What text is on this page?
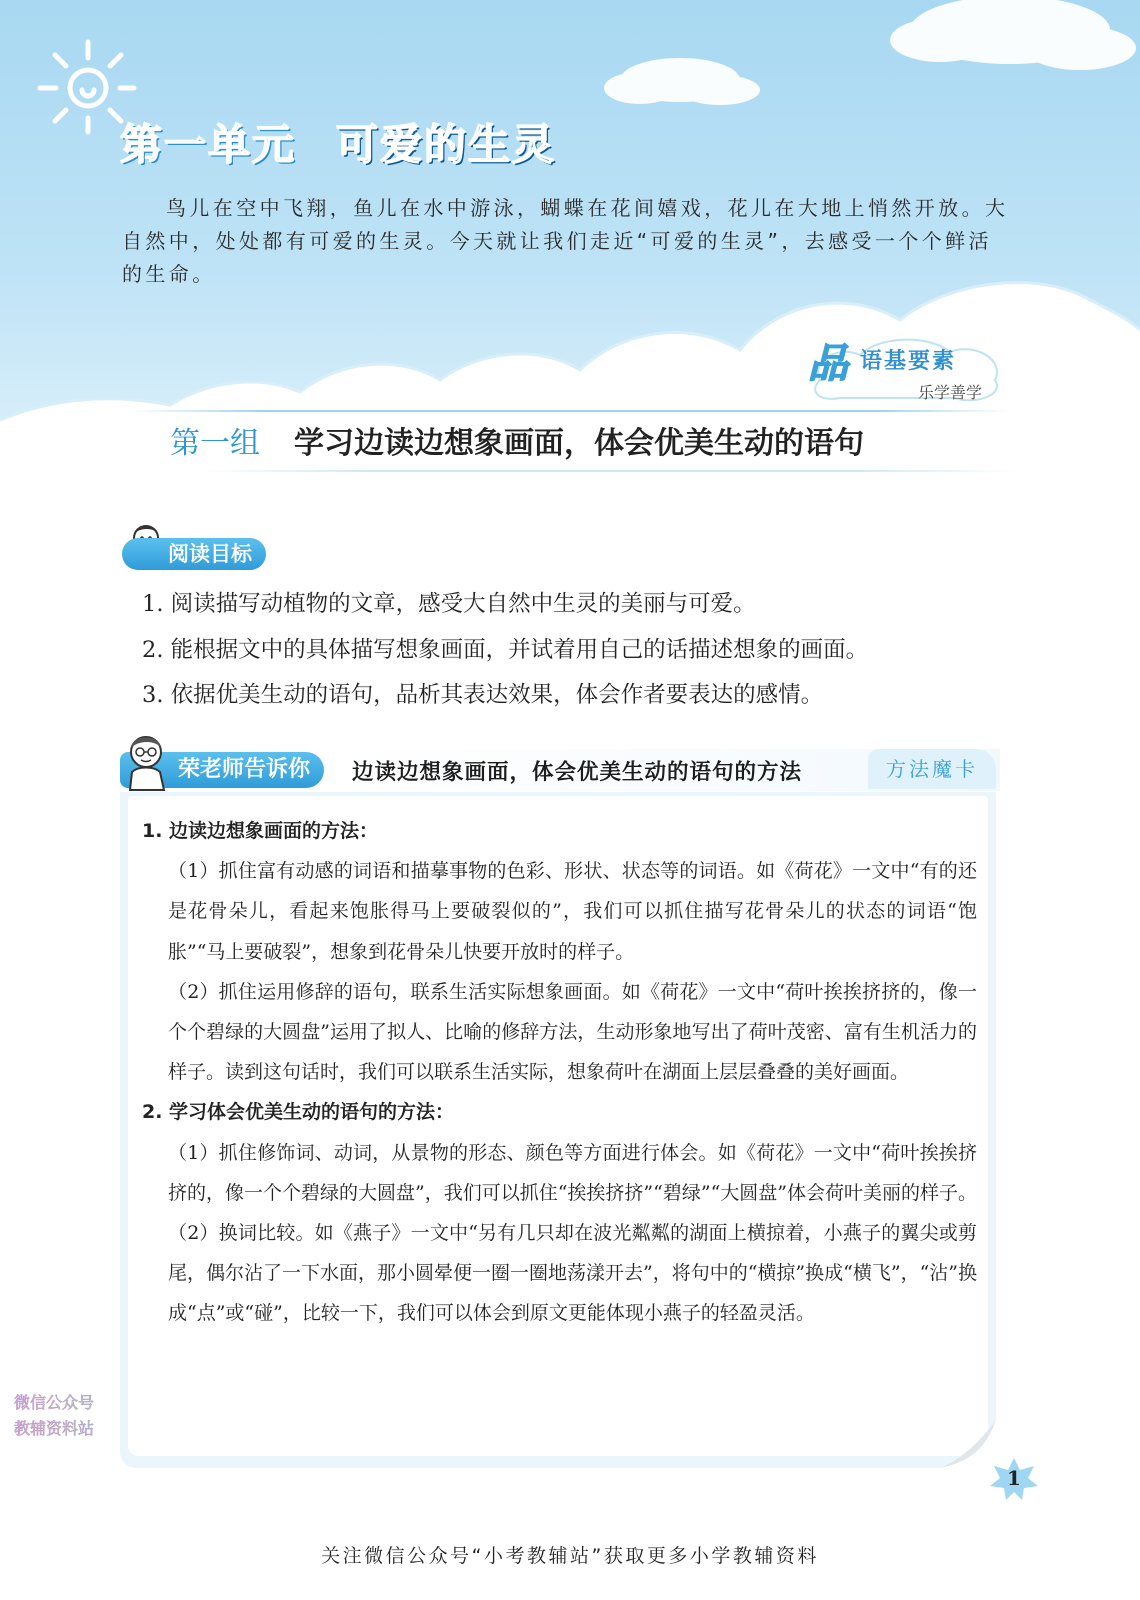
第一单元 可爱的生灵

鸟儿在空中飞翔，鱼儿在水中游泳，蝴蝶在花间嬉戏，花儿在大地上悄然开放。大自然中，处处都有可爱的生灵。今天就让我们走近“可爱的生灵”，去感受一个个鲜活的生命。

品 语基要素
乐学善学
第一组 学习边读边想象画面，体会优美生动的语句
阅读目标
1. 阅读描写动植物的文章，感受大自然中生灵的美丽与可爱。
2. 能根据文中的具体描写想象画面，并试着用自己的话描述想象的画面。
3. 依据优美生动的语句，品析其表达效果，体会作者要表达的感情。
荣老师告诉你	边读边想象画面，体会优美生动的语句的方法	方法魔卡

1. 边读边想象画面的方法：

（1）抓住富有动感的词语和描摹事物的色彩、形状、状态等的词语。如《荷花》一文中“有的还是花骨朵儿，看起来饱胀得马上要破裂似的”，我们可以抓住描写花骨朵儿的状态的词语“饱胀”“马上要破裂”，想象到花骨朵儿快要开放时的样子。

（2）抓住运用修辞的语句，联系生活实际想象画面。如《荷花》一文中“荷叶挨挨挤挤的，像一个个碧绿的大圆盘”运用了拟人、比喻的修辞方法，生动形象地写出了荷叶茂密、富有生机活力的样子。读到这句话时，我们可以联系生活实际，想象荷叶在湖面上层层叠叠的美好画面。

2. 学习体会优美生动的语句的方法：

（1）抓住修饰词、动词，从景物的形态、颜色等方面进行体会。如《荷花》一文中“荷叶挨挨挤挤的，像一个个碧绿的大圆盘”，我们可以抓住“挨挨挤挤”“碧绿”“大圆盘”体会荷叶美丽的样子。

（2）换词比较。如《燕子》一文中“另有几只却在波光粼粼的湖面上横掠着，小燕子的翼尖或剪尾，偶尔沾了一下水面，那小圆晕便一圈一圈地荡漾开去”，将句中的“横掠”换成“横飞”，“沾”换成“点”或“碰”，比较一下，我们可以体会到原文更能体现小燕子的轻盈灵活。

1
微信公众号
教辅资料站

关注微信公众号“小考教辅站”获取更多小学教辅资料
